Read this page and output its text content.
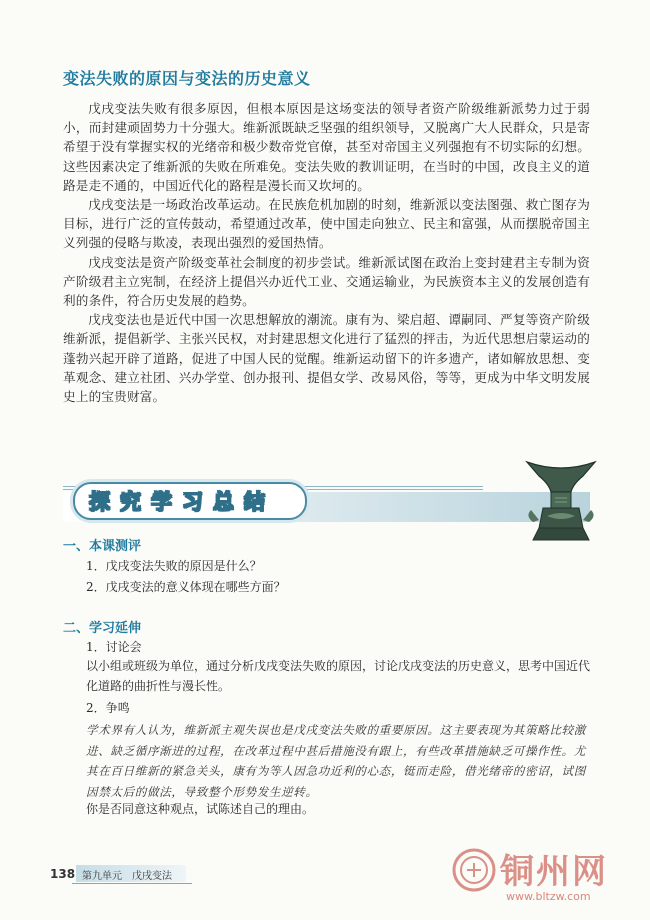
变法失败的原因与变法的历史意义

戊戌变法失败有很多原因，但根本原因是这场变法的领导者资产阶级维新派势力过于弱小，而封建顽固势力十分强大。维新派既缺乏坚强的组织领导，又脱离广大人民群众，只是寄希望于没有掌握实权的光绪帝和极少数帝党官僚，甚至对帝国主义列强抱有不切实际的幻想。这些因素决定了维新派的失败在所难免。变法失败的教训证明，在当时的中国，改良主义的道路是走不通的，中国近代化的路程是漫长而又坎坷的。

戊戌变法是一场政治改革运动。在民族危机加剧的时刻，维新派以变法图强、救亡图存为目标，进行广泛的宣传鼓动，希望通过改革，使中国走向独立、民主和富强，从而摆脱帝国主义列强的侵略与欺凌，表现出强烈的爱国热情。

戊戌变法是资产阶级变革社会制度的初步尝试。维新派试图在政治上变封建君主专制为资产阶级君主立宪制，在经济上提倡兴办近代工业、交通运输业，为民族资本主义的发展创造有利的条件，符合历史发展的趋势。

戊戌变法也是近代中国一次思想解放的潮流。康有为、梁启超、谭嗣同、严复等资产阶级维新派，提倡新学、主张兴民权，对封建思想文化进行了猛烈的抨击，为近代思想启蒙运动的蓬勃兴起开辟了道路，促进了中国人民的觉醒。维新运动留下的许多遗产，诸如解放思想、变革观念、建立社团、兴办学堂、创办报刊、提倡女学、改易风俗，等等，更成为中华文明发展史上的宝贵财富。

探究学习总结
一、本课测评
1．戊戌变法失败的原因是什么？
2．戊戌变法的意义体现在哪些方面？
二、学习延伸
1．讨论会
以小组或班级为单位，通过分析戊戌变法失败的原因，讨论戊戌变法的历史意义，思考中国近代化道路的曲折性与漫长性。
2．争鸣
学术界有人认为，维新派主观失误也是戊戌变法失败的重要原因。这主要表现为其策略比较激进、缺乏循序渐进的过程，在改革过程中甚后措施没有跟上，有些改革措施缺乏可操作性。尤其在百日维新的紧急关头，康有为等人因急功近利的心态，铤而走险，借光绪帝的密诏，试图因禁太后的做法，导致整个形势发生逆转。
你是否同意这种观点，试陈述自己的理由。
138 第九单元　戊戌变法	铜州网
www.bltzw.com
